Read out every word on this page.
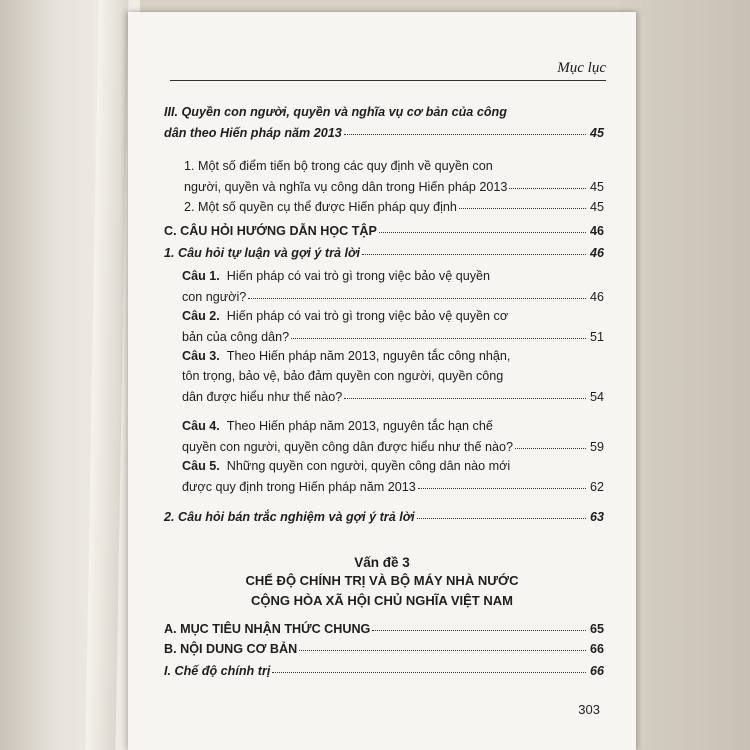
Mục lục
III. Quyền con người, quyền và nghĩa vụ cơ bản của công
dân theo Hiến pháp năm 2013	45
1. Một số điểm tiến bộ trong các quy định về quyền con
người, quyền và nghĩa vụ công dân trong Hiến pháp 2013	45
2. Một số quyền cụ thể được Hiến pháp quy định	45
C. CÂU HỎI HƯỚNG DẪN HỌC TẬP	46
1. Câu hỏi tự luận và gợi ý trả lời	46
Câu 1.
Hiến pháp có vai trò gì trong việc bảo vệ quyền
con người?	46
Câu 2.
Hiến pháp có vai trò gì trong việc bảo vệ quyền cơ
bản của công dân?	51
Câu 3.
Theo Hiến pháp năm 2013, nguyên tắc công nhận,
tôn trọng, bảo vệ, bảo đảm quyền con người, quyền công
dân được hiểu như thế nào?	54
Câu 4.
Theo Hiến pháp năm 2013, nguyên tắc hạn chế
quyền con người, quyền công dân được hiểu như thế nào?	59
Câu 5.
Những quyền con người, quyền công dân nào mới
được quy định trong Hiến pháp năm 2013	62
2. Câu hỏi bán trắc nghiệm và gợi ý trả lời	63
Vấn đề 3
CHẾ ĐỘ CHÍNH TRỊ VÀ BỘ MÁY NHÀ NƯỚC
CỘNG HÒA XÃ HỘI CHỦ NGHĨA VIỆT NAM
A. MỤC TIÊU NHẬN THỨC CHUNG	65
B. NỘI DUNG CƠ BẢN	66
I. Chế độ chính trị	66
303
